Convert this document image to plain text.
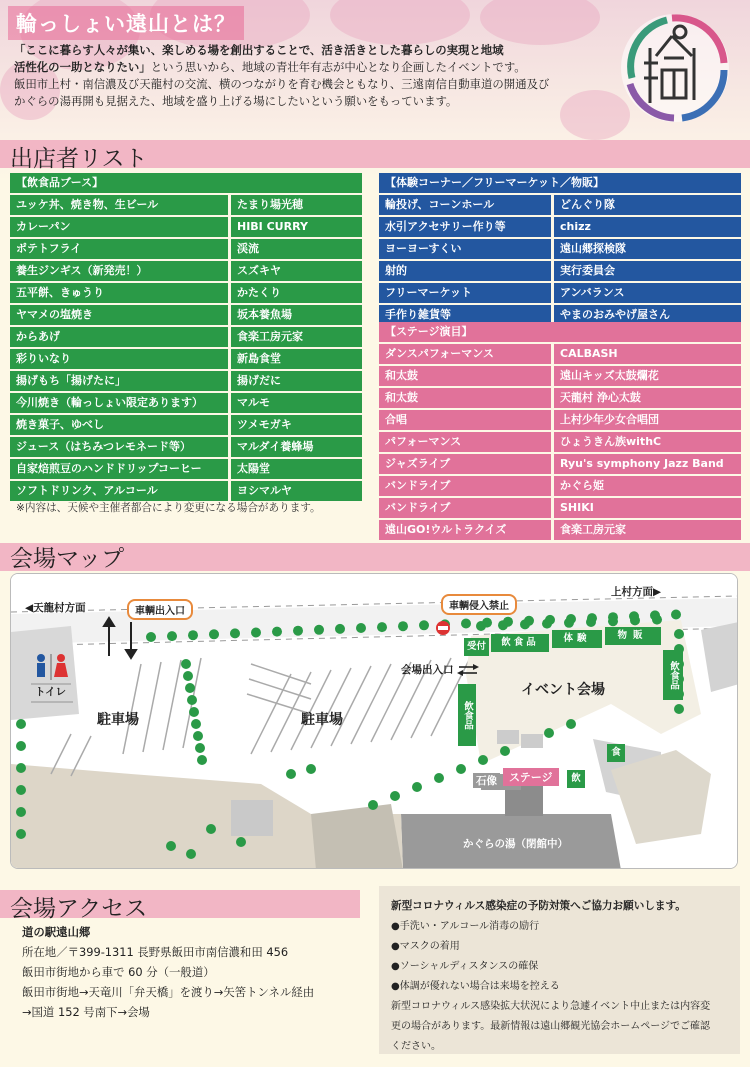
輪っしょい遠山とは？
「ここに暮らす人々が集い、楽しめる場を創出することで、活き活きとした暮らしの実現と地域
活性化の一助となりたい」という思いから、地域の青壮年有志が中心となり企画したイベントです。
飯田市上村・南信濃及び天龍村の交流、横のつながりを育む機会ともなり、三遠南信自動車道の開通及び
かぐらの湯再開も見据えた、地域を盛り上げる場にしたいという願いをもっています。
出店者リスト
【飲食品ブース】
ユッケ丼、焼き物、生ビール	たまり場光穂
カレーパン	HIBI CURRY
ポテトフライ	渓流
養生ジンギス（新発売！）	スズキヤ
五平餅、きゅうり	かたくり
ヤマメの塩焼き	坂本養魚場
からあげ	食楽工房元家
彩りいなり	新島食堂
揚げもち「揚げたに」	揚げだに
今川焼き（輪っしょい限定あります）	マルモ
焼き菓子、ゆべし	ツメモガキ
ジュース（はちみつレモネード等）	マルダイ養蜂場
自家焙煎豆のハンドドリップコーヒー	太陽堂
ソフトドリンク、アルコール	ヨシマルヤ
※内容は、天候や主催者都合により変更になる場合があります。
【体験コーナー／フリーマーケット／物販】
輪投げ、コーンホール	どんぐり隊
水引アクセサリー作り等	chizz
ヨーヨーすくい	遠山郷探検隊
射的	実行委員会
フリーマーケット	アンバランス
手作り雑貨等	やまのおみやげ屋さん
【ステージ演目】
ダンスパフォーマンス	CALBASH
和太鼓	遠山キッズ太鼓爛花
和太鼓	天龍村 浄心太鼓
合唱	上村少年少女合唱団
パフォーマンス	ひょうきん族withC
ジャズライブ	Ryu's symphony Jazz Band
バンドライブ	かぐら姫
バンドライブ	SHIKI
遠山GO!ウルトラクイズ	食楽工房元家
会場マップ
◀天龍村方面
上村方面▶
車輌出入口	車輌侵入禁止
会場出入口
トイレ
駐車場	駐車場
イベント会場
受付	飲食品	体験	物販
飲食品
飲食品
食
飲
石像	ステージ
かぐらの湯（閉館中）
会場アクセス
道の駅遠山郷
所在地／〒399-1311 長野県飯田市南信濃和田 456
飯田市街地から車で 60 分（一般道）
飯田市街地→天竜川「弁天橋」を渡り→矢筈トンネル経由
→国道 152 号南下→会場
新型コロナウィルス感染症の予防対策へご協力お願いします。
●手洗い・アルコール消毒の励行
●マスクの着用
●ソーシャルディスタンスの確保
●体調が優れない場合は来場を控える
新型コロナウィルス感染拡大状況により急遽イベント中止または内容変
更の場合があります。最新情報は遠山郷観光協会ホームページでご確認
ください。
